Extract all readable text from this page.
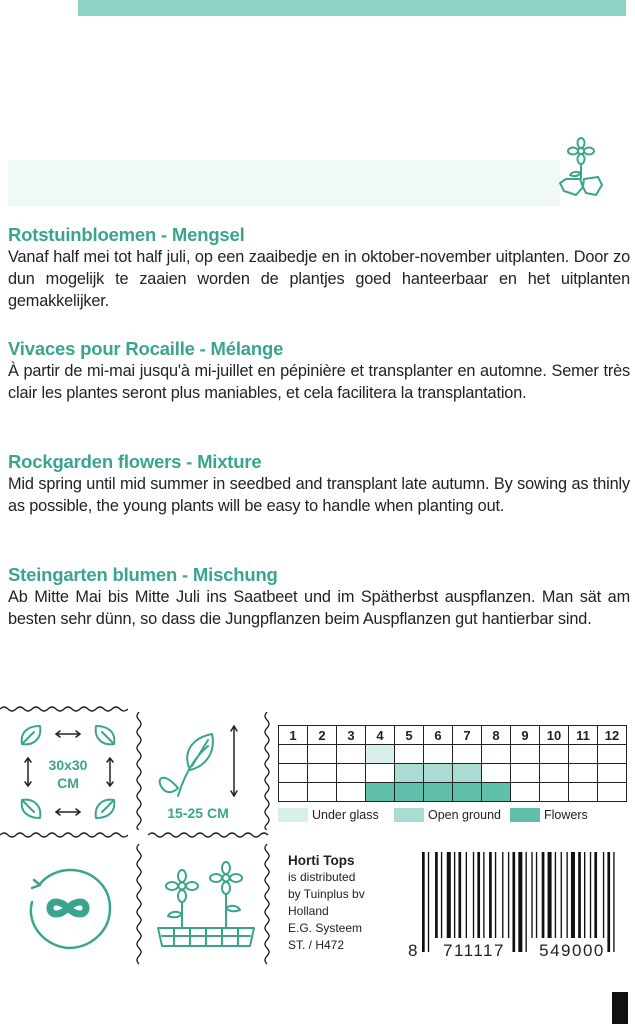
Rotstuinbloemen - Mengsel

Vanaf half mei tot half juli, op een zaaibedje en in oktober-november uitplanten. Door zo dun mogelijk te zaaien worden de plantjes goed hanteerbaar en het uitplanten gemakkelijker.

Vivaces pour Rocaille - Mélange

À partir de mi-mai jusqu'à mi-juillet en pépinière et transplanter en automne. Semer très clair les plantes seront plus maniables, et cela facilitera la transplantation.

Rockgarden flowers - Mixture

Mid spring until mid summer in seedbed and transplant late autumn. By sowing as thinly as possible, the young plants will be easy to handle when planting out.

Steingarten blumen - Mischung

Ab Mitte Mai bis Mitte Juli ins Saatbeet und im Spätherbst auspflanzen. Man sät am besten sehr dünn, so dass die Jungpflanzen beim Auspflanzen gut hantierbar sind.

30x30
CM
15-25 CM
1	2	3	4	5	6	7	8	9	10	11	12

Under glass	Open ground	Flowers
Horti Tops
is distributed
by Tuinplus bv
Holland
E.G. Systeem
ST. / H472	8 711117 549000
